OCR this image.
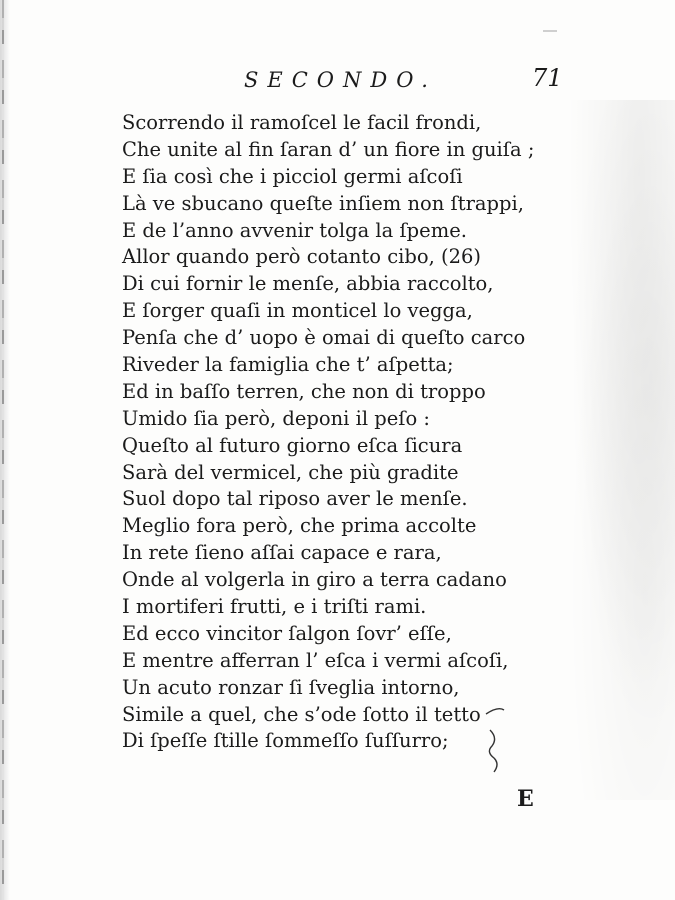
SECONDO.	71
Scorrendo il ramoſcel le facil frondi,
Che unite al fin ſaran d’ un fiore in guiſa ;
E ſia così che i picciol germi aſcoſi
Là ve sbucano queſte inſiem non ſtrappi,
E de l’anno avvenir tolga la ſpeme.
Allor quando però cotanto cibo, (26)
Di cui fornir le menſe, abbia raccolto,
E ſorger quaſi in monticel lo vegga,
Penſa che d’ uopo è omai di queſto carco
Riveder la famiglia che t’ aſpetta;
Ed in baſſo terren, che non di troppo
Umido ſia però, deponi il peſo :
Queſto al futuro giorno eſca ſicura
Sarà del vermicel, che più gradite
Suol dopo tal riposo aver le menſe.
Meglio fora però, che prima accolte
In rete ſieno aſſai capace e rara,
Onde al volgerla in giro a terra cadano
I mortiferi frutti, e i triſti rami.
Ed ecco vincitor ſalgon ſovr’ eſſe,
E mentre afferran l’ eſca i vermi aſcoſi,
Un acuto ronzar ſi ſveglia intorno,
Simile a quel, che s’ode ſotto il tetto
Di ſpeſſe ſtille ſommeſſo ſuſſurro;
E
